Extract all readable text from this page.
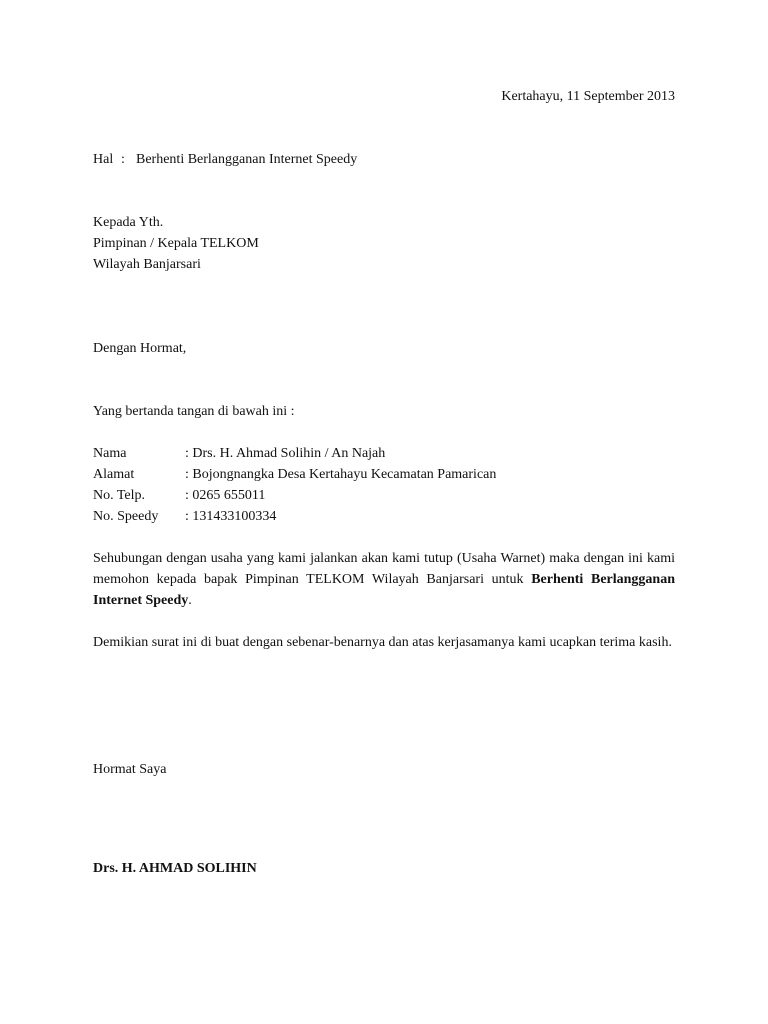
Kertahayu, 11 September 2013
Hal : Berhenti Berlangganan Internet Speedy
Kepada Yth.
Pimpinan / Kepala TELKOM
Wilayah Banjarsari
Dengan Hormat,
Yang bertanda tangan di bawah ini :
Nama	: Drs. H. Ahmad Solihin / An Najah
Alamat	: Bojongnangka Desa Kertahayu Kecamatan Pamarican
No. Telp.	: 0265 655011
No. Speedy : 131433100334
Sehubungan dengan usaha yang kami jalankan akan kami tutup (Usaha Warnet) maka dengan ini kami memohon kepada bapak Pimpinan TELKOM Wilayah Banjarsari untuk Berhenti Berlangganan Internet Speedy.
Demikian surat ini di buat dengan sebenar-benarnya dan atas kerjasamanya kami ucapkan terima kasih.
Hormat Saya
Drs. H. AHMAD SOLIHIN
